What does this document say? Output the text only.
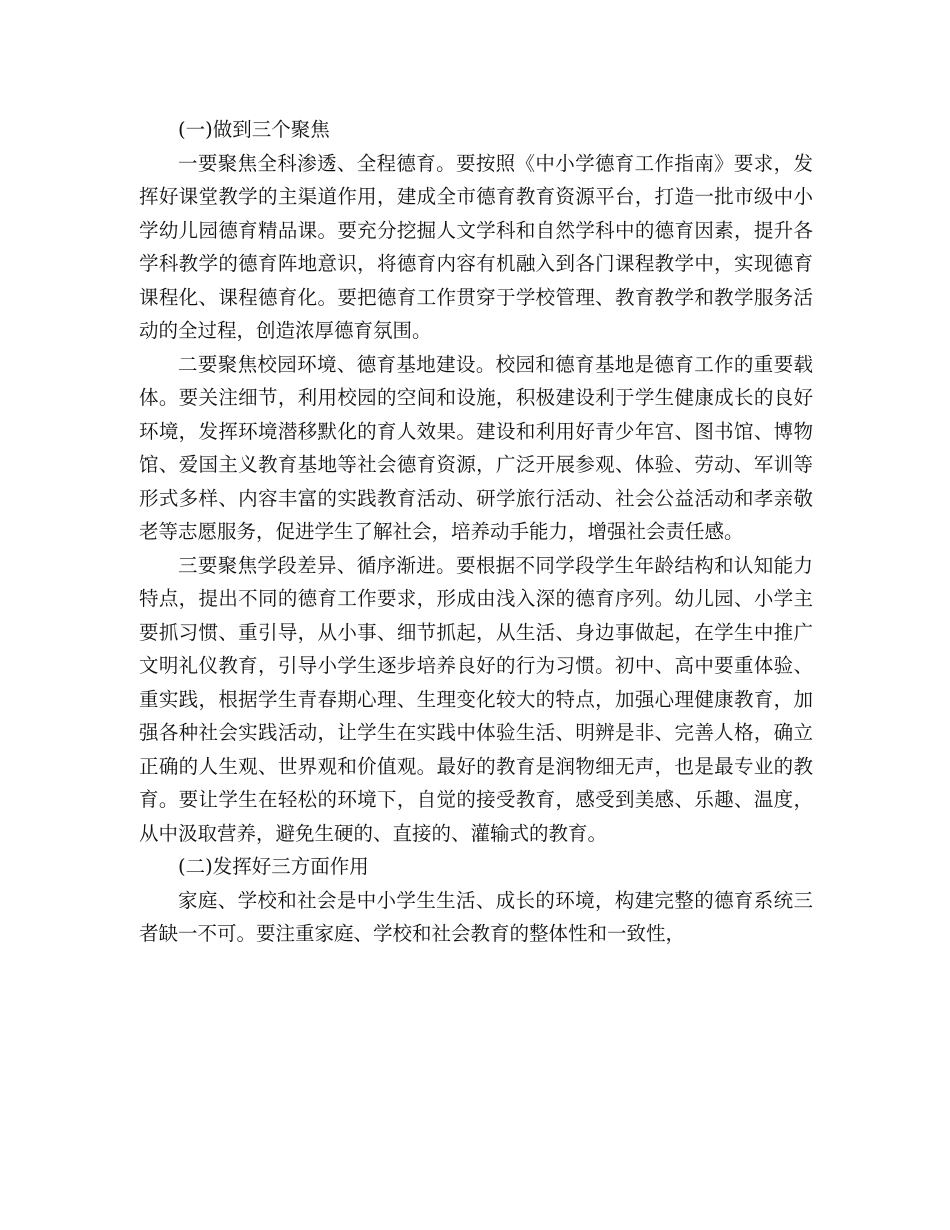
(一)做到三个聚焦

一要聚焦全科渗透、全程德育。要按照《中小学德育工作指南》要求，发挥好课堂教学的主渠道作用，建成全市德育教育资源平台，打造一批市级中小学幼儿园德育精品课。要充分挖掘人文学科和自然学科中的德育因素，提升各学科教学的德育阵地意识，将德育内容有机融入到各门课程教学中，实现德育课程化、课程德育化。要把德育工作贯穿于学校管理、教育教学和教学服务活动的全过程，创造浓厚德育氛围。

二要聚焦校园环境、德育基地建设。校园和德育基地是德育工作的重要载体。要关注细节，利用校园的空间和设施，积极建设利于学生健康成长的良好环境，发挥环境潜移默化的育人效果。建设和利用好青少年宫、图书馆、博物馆、爱国主义教育基地等社会德育资源，广泛开展参观、体验、劳动、军训等形式多样、内容丰富的实践教育活动、研学旅行活动、社会公益活动和孝亲敬老等志愿服务，促进学生了解社会，培养动手能力，增强社会责任感。

三要聚焦学段差异、循序渐进。要根据不同学段学生年龄结构和认知能力特点，提出不同的德育工作要求，形成由浅入深的德育序列。幼儿园、小学主要抓习惯、重引导，从小事、细节抓起，从生活、身边事做起，在学生中推广文明礼仪教育，引导小学生逐步培养良好的行为习惯。初中、高中要重体验、重实践，根据学生青春期心理、生理变化较大的特点，加强心理健康教育，加强各种社会实践活动，让学生在实践中体验生活、明辨是非、完善人格，确立正确的人生观、世界观和价值观。最好的教育是润物细无声，也是最专业的教育。要让学生在轻松的环境下，自觉的接受教育，感受到美感、乐趣、温度，从中汲取营养，避免生硬的、直接的、灌输式的教育。

(二)发挥好三方面作用

家庭、学校和社会是中小学生生活、成长的环境，构建完整的德育系统三者缺一不可。要注重家庭、学校和社会教育的整体性和一致性，
